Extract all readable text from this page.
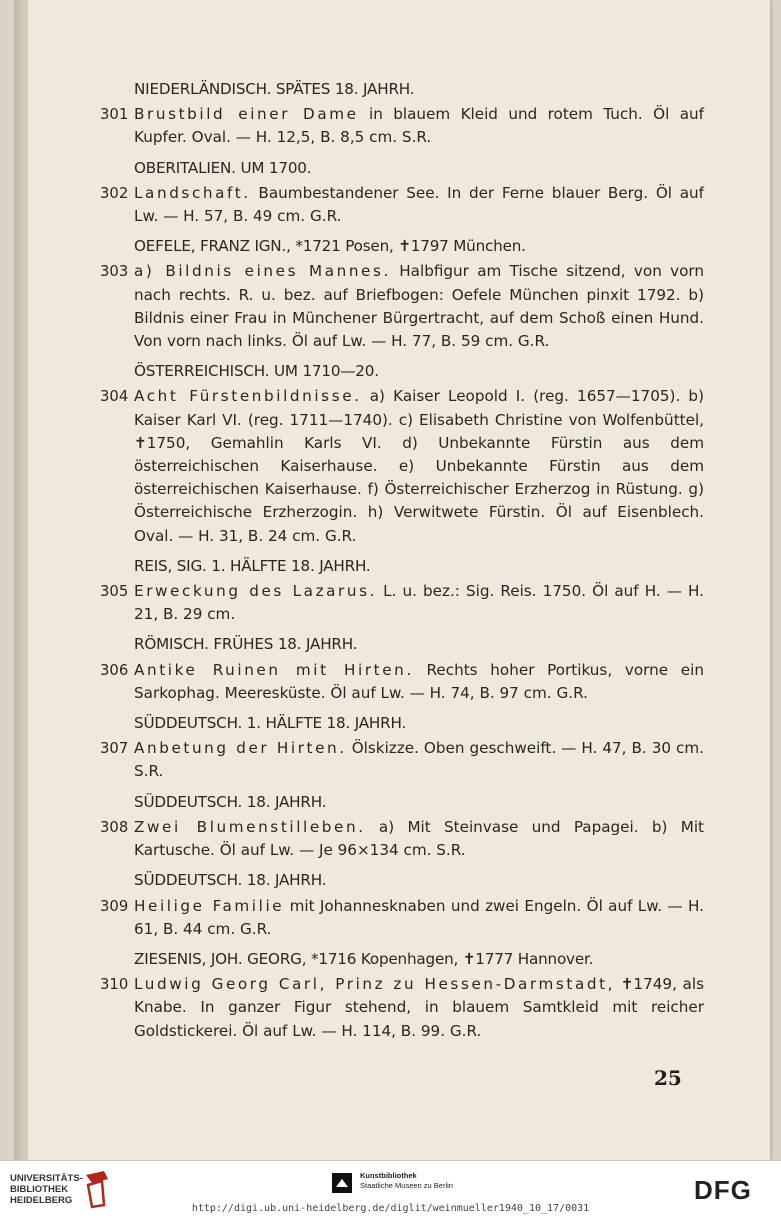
NIEDERLÄNDISCH. SPÄTES 18. JAHRH.
301 Brustbild einer Dame in blauem Kleid und rotem Tuch. Öl auf Kupfer. Oval. — H. 12,5, B. 8,5 cm. S.R.
OBERITALIEN. UM 1700.
302 Landschaft. Baumbestandener See. In der Ferne blauer Berg. Öl auf Lw. — H. 57, B. 49 cm. G.R.
OEFELE, FRANZ IGN., *1721 Posen, ✝1797 München.
303 a) Bildnis eines Mannes. Halbfigur am Tische sitzend, von vorn nach rechts. R. u. bez. auf Briefbogen: Oefele München pinxit 1792. b) Bildnis einer Frau in Münchener Bürgertracht, auf dem Schoß einen Hund. Von vorn nach links. Öl auf Lw. — H. 77, B. 59 cm. G.R.
ÖSTERREICHISCH. UM 1710—20.
304 Acht Fürstenbildnisse. a) Kaiser Leopold I. (reg. 1657—1705). b) Kaiser Karl VI. (reg. 1711—1740). c) Elisabeth Christine von Wolfenbüttel, ✝1750, Gemahlin Karls VI. d) Unbekannte Fürstin aus dem österreichischen Kaiserhause. e) Unbekannte Fürstin aus dem österreichischen Kaiserhause. f) Österreichischer Erzherzog in Rüstung. g) Österreichische Erzherzogin. h) Verwitwete Fürstin. Öl auf Eisenblech. Oval. — H. 31, B. 24 cm. G.R.
REIS, SIG. 1. HÄLFTE 18. JAHRH.
305 Erweckung des Lazarus. L. u. bez.: Sig. Reis. 1750. Öl auf H. — H. 21, B. 29 cm.
RÖMISCH. FRÜHES 18. JAHRH.
306 Antike Ruinen mit Hirten. Rechts hoher Portikus, vorne ein Sarkophag. Meeresküste. Öl auf Lw. — H. 74, B. 97 cm. G.R.
SÜDDEUTSCH. 1. HÄLFTE 18. JAHRH.
307 Anbetung der Hirten. Ölskizze. Oben geschweift. — H. 47, B. 30 cm. S.R.
SÜDDEUTSCH. 18. JAHRH.
308 Zwei Blumenstilleben. a) Mit Steinvase und Papagei. b) Mit Kartusche. Öl auf Lw. — Je 96×134 cm. S.R.
SÜDDEUTSCH. 18. JAHRH.
309 Heilige Familie mit Johannesknaben und zwei Engeln. Öl auf Lw. — H. 61, B. 44 cm. G.R.
ZIESENIS, JOH. GEORG, *1716 Kopenhagen, ✝1777 Hannover.
310 Ludwig Georg Carl, Prinz zu Hessen-Darmstadt, ✝1749, als Knabe. In ganzer Figur stehend, in blauem Samtkleid mit reicher Goldstickerei. Öl auf Lw. — H. 114, B. 99. G.R.
25
UNIVERSITÄTS-
BIBLIOTHEK
HEIDELBERG
Kunstbibliothek
Staatliche Museen zu Berlin	DFG
http://digi.ub.uni-heidelberg.de/diglit/weinmueller1940_10_17/0031
